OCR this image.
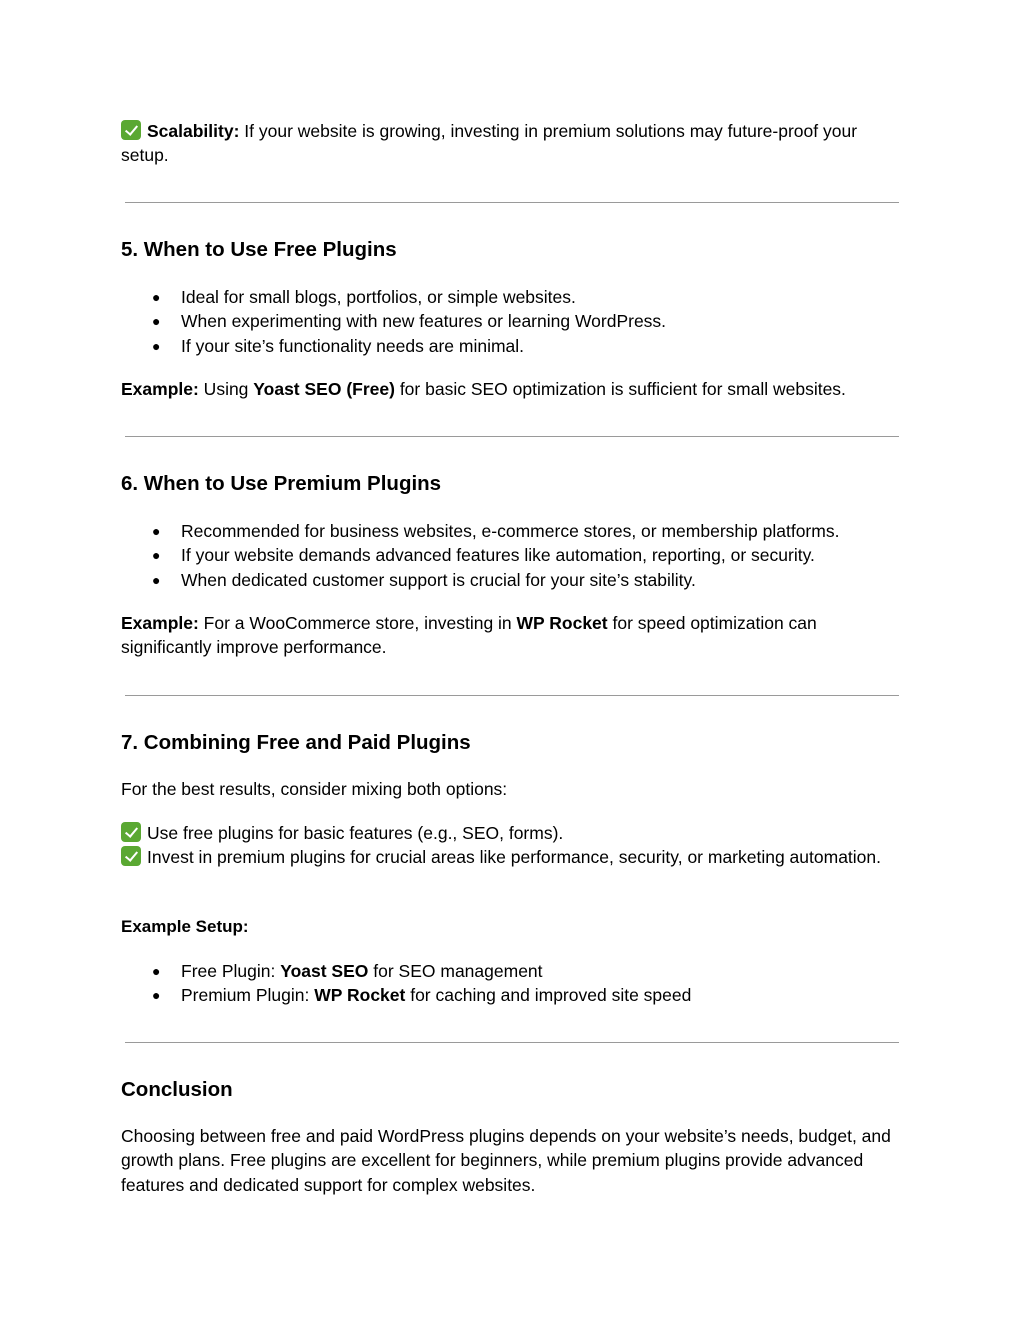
Scalability: If your website is growing, investing in premium solutions may future-proof your setup.

5. When to Use Free Plugins
● Ideal for small blogs, portfolios, or simple websites.
● When experimenting with new features or learning WordPress.
● If your site’s functionality needs are minimal.

Example: Using Yoast SEO (Free) for basic SEO optimization is sufficient for small websites.

6. When to Use Premium Plugins
● Recommended for business websites, e-commerce stores, or membership platforms.
● If your website demands advanced features like automation, reporting, or security.
● When dedicated customer support is crucial for your site’s stability.

Example: For a WooCommerce store, investing in WP Rocket for speed optimization can significantly improve performance.

7. Combining Free and Paid Plugins

For the best results, consider mixing both options:

Use free plugins for basic features (e.g., SEO, forms).
Invest in premium plugins for crucial areas like performance, security, or marketing automation.

Example Setup:

● Free Plugin: Yoast SEO for SEO management
● Premium Plugin: WP Rocket for caching and improved site speed
Conclusion

Choosing between free and paid WordPress plugins depends on your website’s needs, budget, and growth plans. Free plugins are excellent for beginners, while premium plugins provide advanced features and dedicated support for complex websites.
